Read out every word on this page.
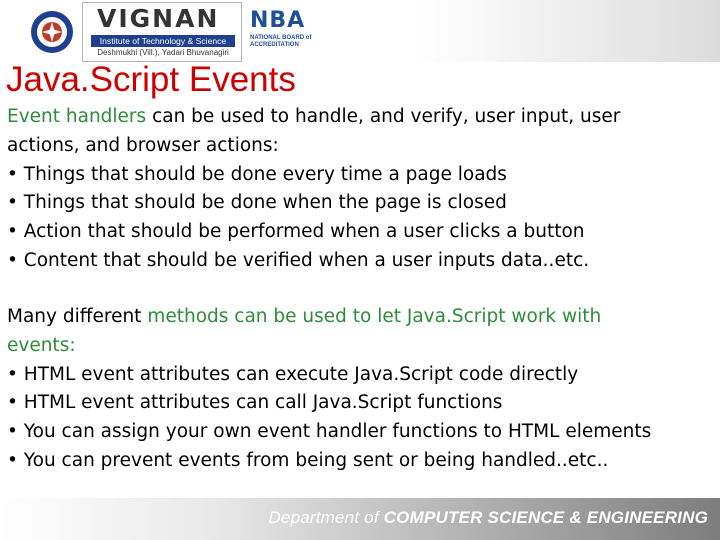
VIGNAN
Institute of Technology & Science
Deshmukhi (Vill.), Yadari Bhuvanagiri
NBA
NATIONAL BOARD of ACCREDITATION
Java.Script Events
Event handlers can be used to handle, and verify, user input, user
actions, and browser actions:
• Things that should be done every time a page loads
• Things that should be done when the page is closed
• Action that should be performed when a user clicks a button
• Content that should be verified when a user inputs data..etc.
Many different methods can be used to let Java.Script work with
events:
• HTML event attributes can execute Java.Script code directly
• HTML event attributes can call Java.Script functions
• You can assign your own event handler functions to HTML elements
• You can prevent events from being sent or being handled..etc..
Department of COMPUTER SCIENCE & ENGINEERING
